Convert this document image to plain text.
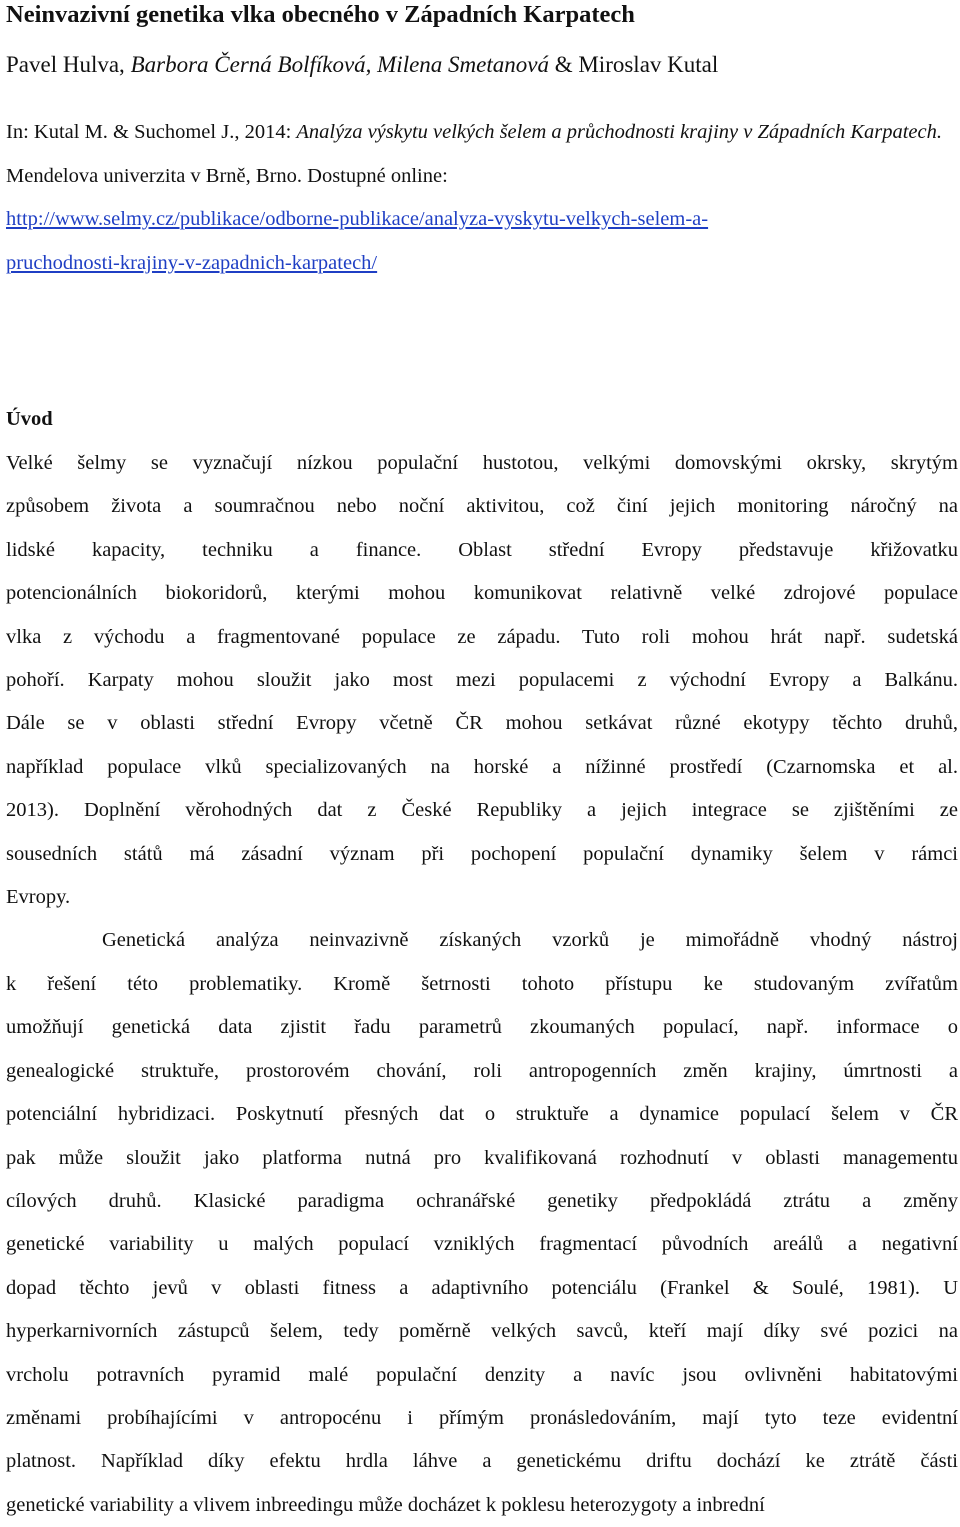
Neinvazivní genetika vlka obecného v Západních Karpatech
Pavel Hulva, Barbora Černá Bolfíková, Milena Smetanová & Miroslav Kutal
In: Kutal M. & Suchomel J., 2014: Analýza výskytu velkých šelem a průchodnosti krajiny v Západních Karpatech. Mendelova univerzita v Brně, Brno. Dostupné online:
http://www.selmy.cz/publikace/odborne-publikace/analyza-vyskytu-velkych-selem-a-
pruchodnosti-krajiny-v-zapadnich-karpatech/
Úvod

Velké šelmy se vyznačují nízkou populační hustotou, velkými domovskými okrsky, skrytým
způsobem života a soumračnou nebo noční aktivitou, což činí jejich monitoring náročný na
lidské kapacity, techniku a finance. Oblast střední Evropy představuje křižovatku
potencionálních biokoridorů, kterými mohou komunikovat relativně velké zdrojové populace
vlka z východu a fragmentované populace ze západu. Tuto roli mohou hrát např. sudetská
pohoří. Karpaty mohou sloužit jako most mezi populacemi z východní Evropy a Balkánu.
Dále se v oblasti střední Evropy včetně ČR mohou setkávat různé ekotypy těchto druhů,
například populace vlků specializovaných na horské a nížinné prostředí (Czarnomska et al.
2013). Doplnění věrohodných dat z České Republiky a jejich integrace se zjištěními ze
sousedních států má zásadní význam při pochopení populační dynamiky šelem v rámci
Evropy.

Genetická analýza neinvazivně získaných vzorků je mimořádně vhodný nástroj
k řešení této problematiky. Kromě šetrnosti tohoto přístupu ke studovaným zvířatům
umožňují genetická data zjistit řadu parametrů zkoumaných populací, např. informace o
genealogické struktuře, prostorovém chování, roli antropogenních změn krajiny, úmrtnosti a
potenciální hybridizaci. Poskytnutí přesných dat o struktuře a dynamice populací šelem v ČR
pak může sloužit jako platforma nutná pro kvalifikovaná rozhodnutí v oblasti managementu
cílových druhů. Klasické paradigma ochranářské genetiky předpokládá ztrátu a změny
genetické variability u malých populací vzniklých fragmentací původních areálů a negativní
dopad těchto jevů v oblasti fitness a adaptivního potenciálu (Frankel & Soulé, 1981). U
hyperkarnivorních zástupců šelem, tedy poměrně velkých savců, kteří mají díky své pozici na
vrcholu potravních pyramid malé populační denzity a navíc jsou ovlivněni habitatovými
změnami probíhajícími v antropocénu i přímým pronásledováním, mají tyto teze evidentní
platnost. Například díky efektu hrdla láhve a genetickému driftu dochází ke ztrátě části
genetické variability a vlivem inbreedingu může docházet k poklesu heterozygoty a inbrední
